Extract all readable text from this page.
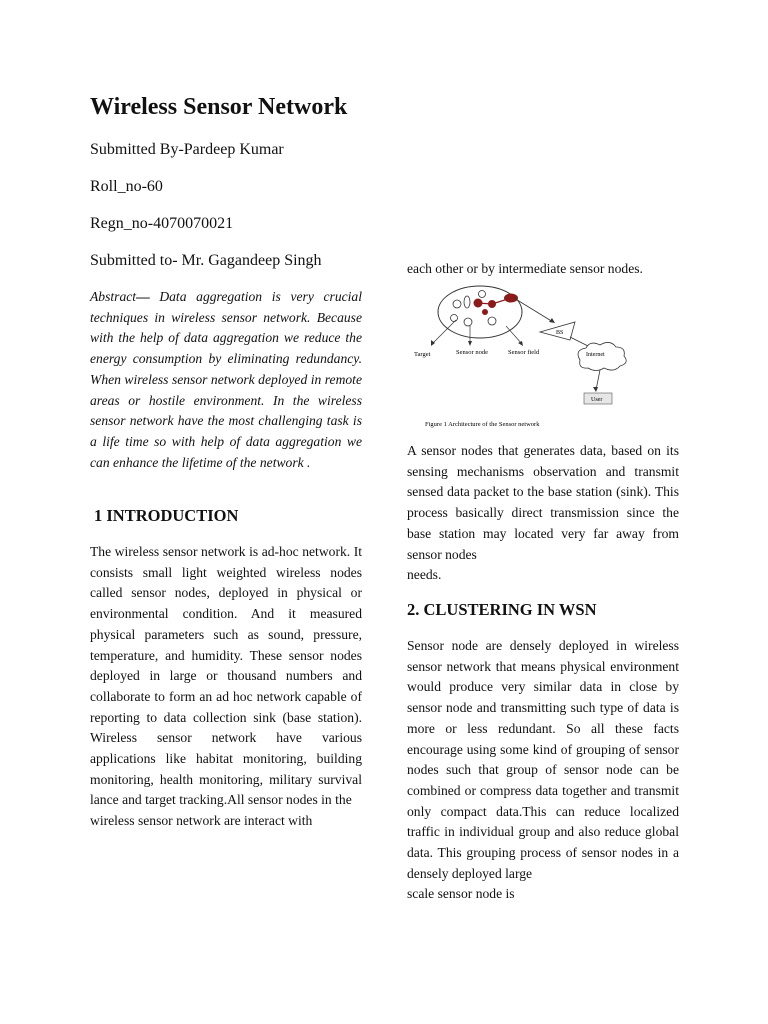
Wireless Sensor Network

Submitted By-Pardeep Kumar

Roll_no-60

Regn_no-4070070021

Submitted to- Mr. Gagandeep Singh

Abstract— Data aggregation is very crucial techniques in wireless sensor network. Because with the help of data aggregation we reduce the energy consumption by eliminating redundancy. When wireless sensor network deployed in remote areas or hostile environment. In the wireless sensor network have the most challenging task is a life time so with help of data aggregation we can enhance the lifetime of the network .

1 INTRODUCTION

The wireless sensor network is ad-hoc network. It consists small light weighted wireless nodes called sensor nodes, deployed in physical or environmental condition. And it measured physical parameters such as sound, pressure, temperature, and humidity. These sensor nodes deployed in large or thousand numbers and collaborate to form an ad hoc network capable of reporting to data collection sink (base station). Wireless sensor network have various applications like habitat monitoring, building monitoring, health monitoring, military survival lance and target tracking.All sensor nodes in the

wireless sensor network are interact with

each other or by intermediate sensor nodes.

BS
Internet
User
Target	Sensor node	Sensor field
Figure 1 Architecture of the Sensor network

A sensor nodes that generates data, based on its sensing mechanisms observation and transmit sensed data packet to the base station (sink). This process basically direct transmission since the base station may located very far away from sensor nodes

needs.

2. CLUSTERING IN WSN

Sensor node are densely deployed in wireless sensor network that means physical environment would produce very similar data in close by sensor node and transmitting such type of data is more or less redundant. So all these facts encourage using some kind of grouping of sensor nodes such that group of sensor node can be combined or compress data together and transmit only compact data.This can reduce localized traffic in individual group and also reduce global data. This grouping process of sensor nodes in a densely deployed large

scale sensor node is
